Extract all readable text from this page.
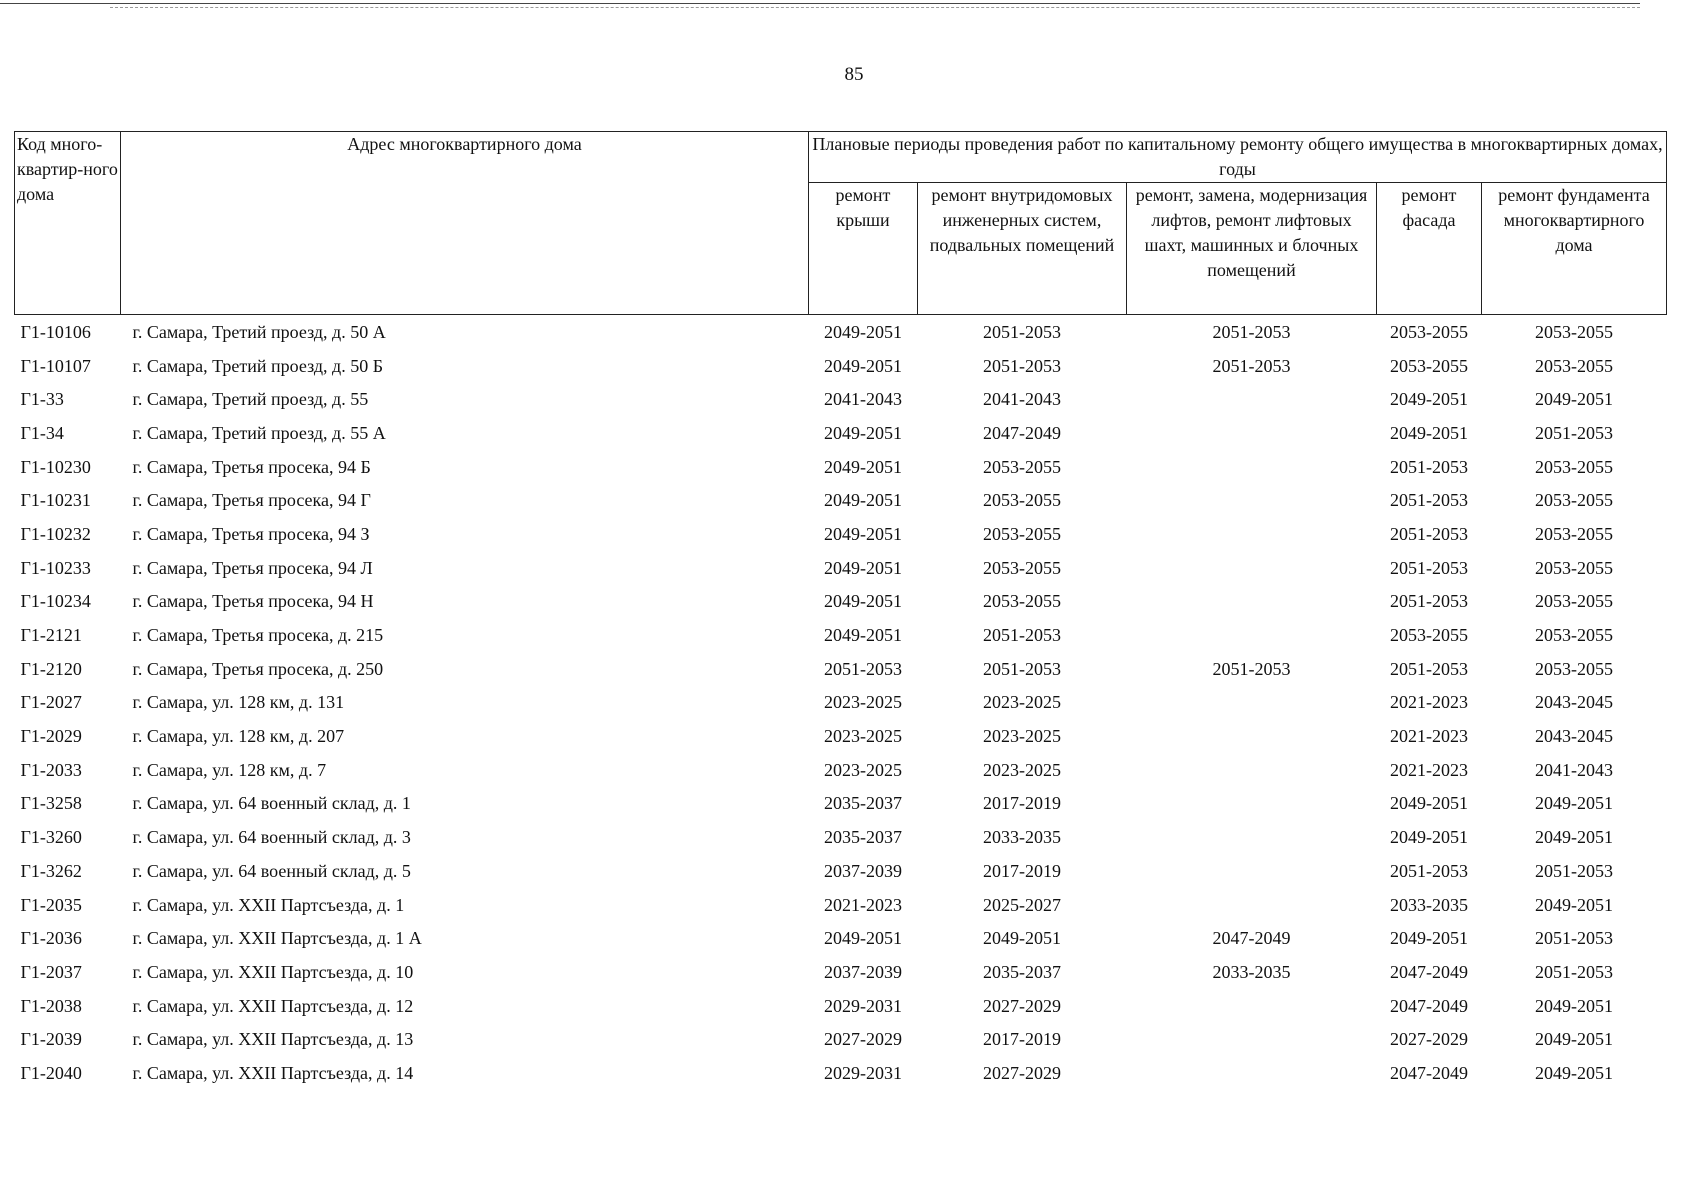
85
Код много-квартир-ного дома	Адрес многоквартирного дома	Плановые периоды проведения работ по капитальному ремонту общего имущества в многоквартирных домах, годы				
		ремонт крыши	ремонт внутридомовых инженерных систем, подвальных помещений	ремонт, замена, модернизация лифтов, ремонт лифтовых шахт, машинных и блочных помещений	ремонт фасада	ремонт фундамента многоквартирного дома
Г1-10106	г. Самара, Третий проезд, д. 50 А	2049-2051	2051-2053	2051-2053	2053-2055	2053-2055
Г1-10107	г. Самара, Третий проезд, д. 50 Б	2049-2051	2051-2053	2051-2053	2053-2055	2053-2055
Г1-33	г. Самара, Третий проезд, д. 55	2041-2043	2041-2043		2049-2051	2049-2051
Г1-34	г. Самара, Третий проезд, д. 55 А	2049-2051	2047-2049		2049-2051	2051-2053
Г1-10230	г. Самара, Третья просека, 94 Б	2049-2051	2053-2055		2051-2053	2053-2055
Г1-10231	г. Самара, Третья просека, 94 Г	2049-2051	2053-2055		2051-2053	2053-2055
Г1-10232	г. Самара, Третья просека, 94 З	2049-2051	2053-2055		2051-2053	2053-2055
Г1-10233	г. Самара, Третья просека, 94 Л	2049-2051	2053-2055		2051-2053	2053-2055
Г1-10234	г. Самара, Третья просека, 94 Н	2049-2051	2053-2055		2051-2053	2053-2055
Г1-2121	г. Самара, Третья просека, д. 215	2049-2051	2051-2053		2053-2055	2053-2055
Г1-2120	г. Самара, Третья просека, д. 250	2051-2053	2051-2053	2051-2053	2051-2053	2053-2055
Г1-2027	г. Самара, ул. 128 км, д. 131	2023-2025	2023-2025		2021-2023	2043-2045
Г1-2029	г. Самара, ул. 128 км, д. 207	2023-2025	2023-2025		2021-2023	2043-2045
Г1-2033	г. Самара, ул. 128 км, д. 7	2023-2025	2023-2025		2021-2023	2041-2043
Г1-3258	г. Самара, ул. 64 военный склад, д. 1	2035-2037	2017-2019		2049-2051	2049-2051
Г1-3260	г. Самара, ул. 64 военный склад, д. 3	2035-2037	2033-2035		2049-2051	2049-2051
Г1-3262	г. Самара, ул. 64 военный склад, д. 5	2037-2039	2017-2019		2051-2053	2051-2053
Г1-2035	г. Самара, ул. XXII Партсъезда, д. 1	2021-2023	2025-2027		2033-2035	2049-2051
Г1-2036	г. Самара, ул. XXII Партсъезда, д. 1 А	2049-2051	2049-2051	2047-2049	2049-2051	2051-2053
Г1-2037	г. Самара, ул. XXII Партсъезда, д. 10	2037-2039	2035-2037	2033-2035	2047-2049	2051-2053
Г1-2038	г. Самара, ул. XXII Партсъезда, д. 12	2029-2031	2027-2029		2047-2049	2049-2051
Г1-2039	г. Самара, ул. XXII Партсъезда, д. 13	2027-2029	2017-2019		2027-2029	2049-2051
Г1-2040	г. Самара, ул. XXII Партсъезда, д. 14	2029-2031	2027-2029		2047-2049	2049-2051
